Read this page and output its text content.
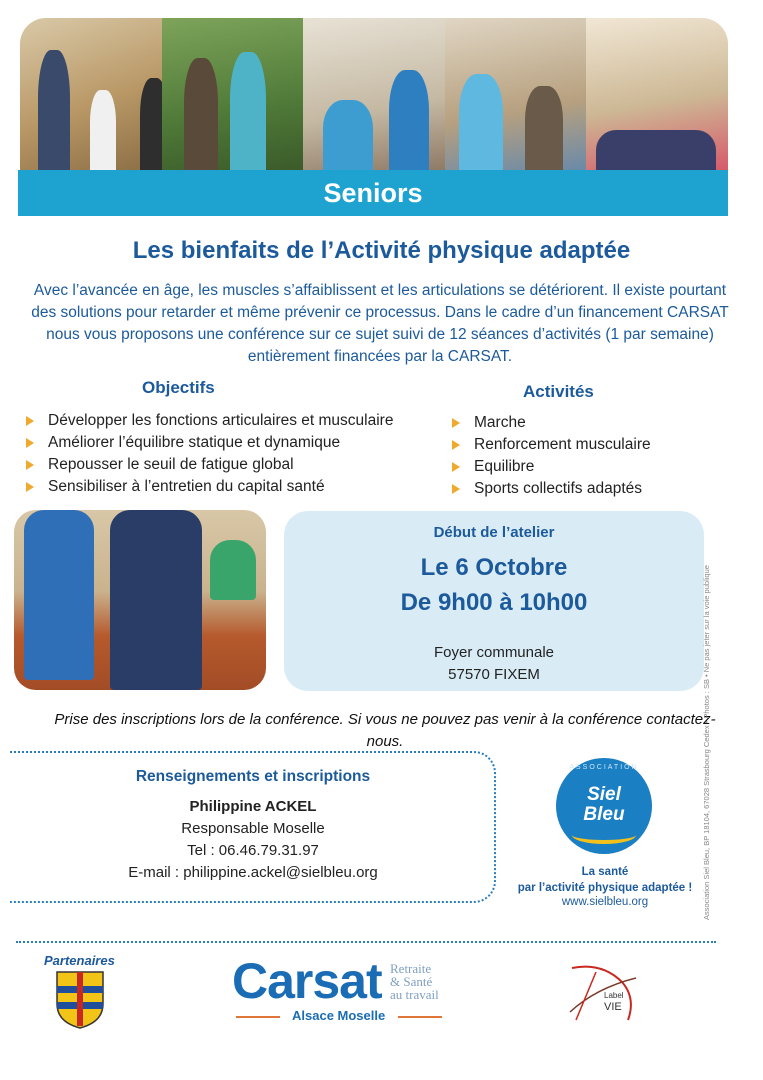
Seniors
Les bienfaits de l’Activité physique adaptée
Avec l’avancée en âge, les muscles s’affaiblissent et les articulations se détériorent. Il existe pourtant des solutions pour retarder et même prévenir ce processus. Dans le cadre d’un financement CARSAT nous vous proposons une conférence sur ce sujet suivi de 12 séances d’activités (1 par semaine) entièrement financées par la CARSAT.
Objectifs	Activités
Développer les fonctions articulaires et musculaire
Améliorer l’équilibre statique et dynamique
Repousser le seuil de fatigue global
Sensibiliser à l’entretien du capital santé
Marche
Renforcement musculaire
Equilibre
Sports collectifs adaptés
Début de l’atelier
Le 6 Octobre
De 9h00 à 10h00
Foyer communale
57570 FIXEM
Prise des inscriptions lors de la conférence. Si vous ne pouvez pas venir à la conférence contactez-nous.
Renseignements et inscriptions
Philippine ACKEL
Responsable Moselle
Tel : 06.46.79.31.97
E-mail : philippine.ackel@sielbleu.org
ASSOCIATION
Siel
Bleu
La santé
par l’activité physique adaptée !
www.sielbleu.org	Association Siel Bleu, BP 18104, 67028 Strasbourg Cedex • Photos : SB • Ne pas jeter sur la voie publique
Partenaires Carsat Retraite
& Santé
au travail
Alsace Moselle
Label
VIE
